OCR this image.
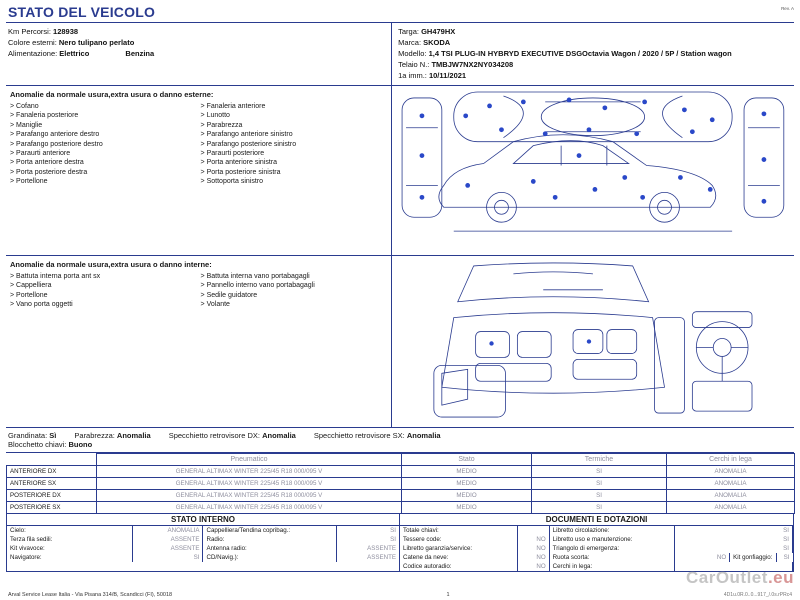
Rev. A
STATO DEL VEICOLO
Km Percorsi: 128938
Colore esterni: Nero tulipano perlato
Alimentazione: Elettrico	Benzina
Targa: GH479HX
Marca: SKODA
Modello: 1,4 TSI PLUG-IN HYBRYD EXECUTIVE DSGOctavia Wagon / 2020 / 5P / Station wagon
Telaio N.: TMBJW7NX2NY034208
1a imm.: 10/11/2021
Anomalie da normale usura,extra usura o danno esterne:
> Cofano
> Fanaleria posteriore
> Maniglie
> Parafango anteriore destro
> Parafango posteriore destro
> Paraurti anteriore
> Porta anteriore destra
> Porta posteriore destra
> Portellone
> Fanaleria anteriore
> Lunotto
> Parabrezza
> Parafango anteriore sinistro
> Parafango posteriore sinistro
> Paraurti posteriore
> Porta anteriore sinistra
> Porta posteriore sinistra
> Sottoporta sinistro
Anomalie da normale usura,extra usura o danno interne:
> Battuta interna porta ant sx
> Cappelliera
> Portellone
> Vano porta oggetti
> Battuta interna vano portabagagli
> Pannello interno vano portabagagli
> Sedile guidatore
> Volante
Grandinata: Sì Parabrezza: Anomalia Specchietto retrovisore DX: Anomalia Specchietto retrovisore SX: Anomalia
Blocchetto chiavi: Buono
	Pneumatico	Stato	Termiche	Cerchi in lega
ANTERIORE DX	GENERAL ALTIMAX WINTER 225/45 R18 000/095 V	MEDIO	SI	ANOMALIA
ANTERIORE SX	GENERAL ALTIMAX WINTER 225/45 R18 000/095 V	MEDIO	SI	ANOMALIA
POSTERIORE DX	GENERAL ALTIMAX WINTER 225/45 R18 000/095 V	MEDIO	SI	ANOMALIA
POSTERIORE SX	GENERAL ALTIMAX WINTER 225/45 R18 000/095 V	MEDIO	SI	ANOMALIA
STATO INTERNO
Cielo:	ANOMALIA	Cappelliera/Tendina copribag.:	SI
Terza fila sedili:	ASSENTE	Radio:	SI
Kit vivavoce:	ASSENTE	Antenna radio:	ASSENTE
Navigatore:	SI	CD/Navig.):	ASSENTE
DOCUMENTI E DOTAZIONI
Totale chiavi:		Libretto circolazione:	SI		
Tessere code:	NO	Libretto uso e manutenzione:	SI		
Libretto garanzia/service:	NO	Triangolo di emergenza:	SI		
Catene da neve:	NO	Ruota scorta:	NO	Kit gonfiaggio:	SI
Codice autoradio:	NO	Cerchi in lega:			
CarOutlet.eu
Arval Service Lease Italia - Via Pisana 314/B, Scandicci (FI), 50018	1	4D1u.0R.0..0...917_/.0s.rPRc4
